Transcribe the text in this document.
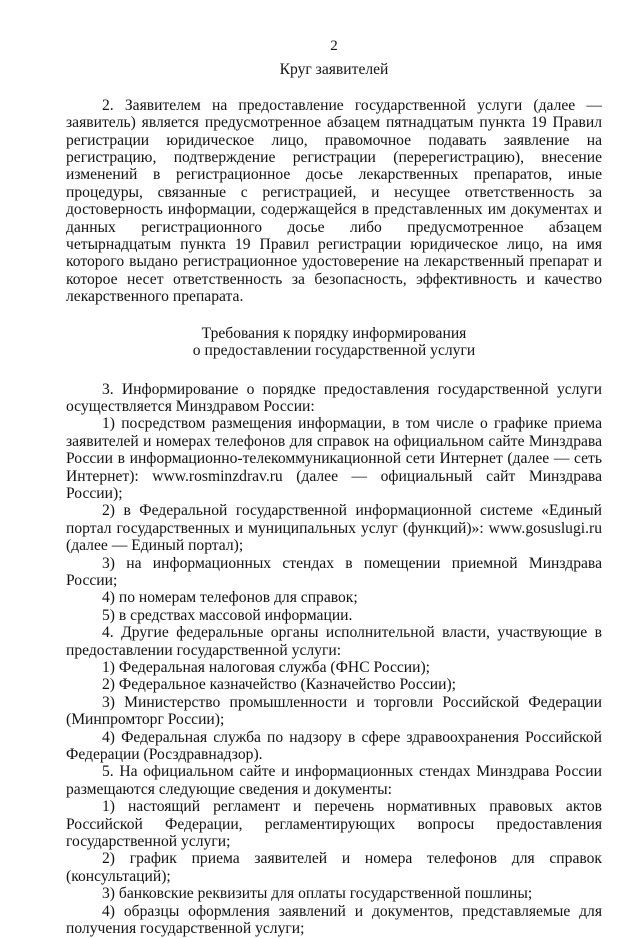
2
Круг заявителей

2. Заявителем на предоставление государственной услуги (далее — заявитель) является предусмотренное абзацем пятнадцатым пункта 19 Правил регистрации юридическое лицо, правомочное подавать заявление на регистрацию, подтверждение регистрации (перерегистрацию), внесение изменений в регистрационное досье лекарственных препаратов, иные процедуры, связанные с регистрацией, и несущее ответственность за достоверность информации, содержащейся в представленных им документах и данных регистрационного досье либо предусмотренное абзацем четырнадцатым пункта 19 Правил регистрации юридическое лицо, на имя которого выдано регистрационное удостоверение на лекарственный препарат и которое несет ответственность за безопасность, эффективность и качество лекарственного препарата.

Требования к порядку информирования
о предоставлении государственной услуги

3. Информирование о порядке предоставления государственной услуги осуществляется Минздравом России:

1) посредством размещения информации, в том числе о графике приема заявителей и номерах телефонов для справок на официальном сайте Минздрава России в информационно-телекоммуникационной сети Интернет (далее — сеть Интернет): www.rosminzdrav.ru (далее — официальный сайт Минздрава России);

2) в Федеральной государственной информационной системе «Единый портал государственных и муниципальных услуг (функций)»: www.gosuslugi.ru (далее — Единый портал);

3) на информационных стендах в помещении приемной Минздрава России;

4) по номерам телефонов для справок;

5) в средствах массовой информации.

4. Другие федеральные органы исполнительной власти, участвующие в предоставлении государственной услуги:

1) Федеральная налоговая служба (ФНС России);

2) Федеральное казначейство (Казначейство России);

3) Министерство промышленности и торговли Российской Федерации (Минпромторг России);

4) Федеральная служба по надзору в сфере здравоохранения Российской Федерации (Росздравнадзор).

5. На официальном сайте и информационных стендах Минздрава России размещаются следующие сведения и документы:

1) настоящий регламент и перечень нормативных правовых актов Российской Федерации, регламентирующих вопросы предоставления государственной услуги;

2) график приема заявителей и номера телефонов для справок (консультаций);

3) банковские реквизиты для оплаты государственной пошлины;

4) образцы оформления заявлений и документов, представляемые для получения государственной услуги;
